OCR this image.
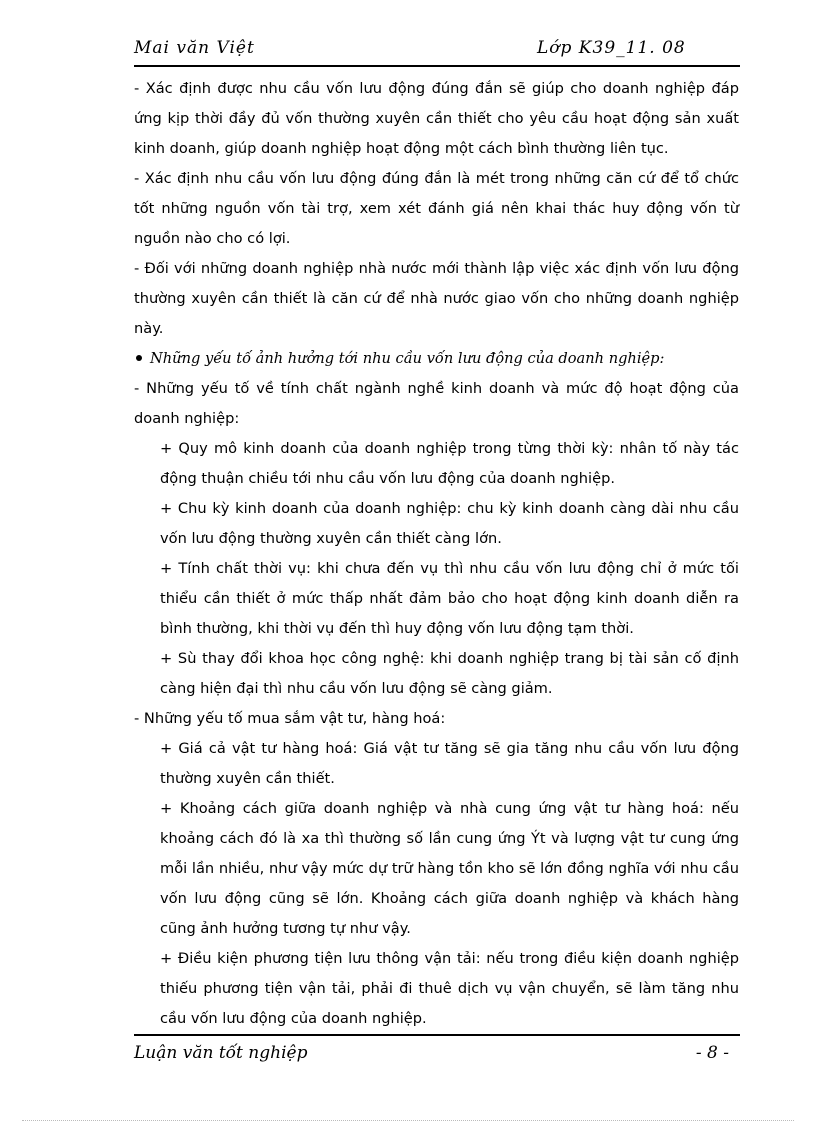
Mai văn Việt	Lớp K39_11. 08

- Xác định được nhu cầu vốn lưu động đúng đắn sẽ giúp cho doanh nghiệp đáp ứng kịp thời đầy đủ vốn thường xuyên cần thiết cho yêu cầu hoạt động sản xuất kinh doanh, giúp doanh nghiệp hoạt động một cách bình thường liên tục.

- Xác định nhu cầu vốn lưu động đúng đắn là mét trong những căn cứ để tổ chức tốt những nguồn vốn tài trợ, xem xét đánh giá nên khai thác huy động vốn từ nguồn nào cho có lợi.

- Đối với những doanh nghiệp nhà nước mới thành lập việc xác định vốn lưu động thường xuyên cần thiết là căn cứ để nhà nước giao vốn cho những doanh nghiệp này.

Những yếu tố ảnh hưởng tới nhu cầu vốn lưu động của doanh nghiệp:

- Những yếu tố về tính chất ngành nghề kinh doanh và mức độ hoạt động của doanh nghiệp:

+ Quy mô kinh doanh của doanh nghiệp trong từng thời kỳ: nhân tố này tác động thuận chiều tới nhu cầu vốn lưu động của doanh nghiệp.

+ Chu kỳ kinh doanh của doanh nghiệp: chu kỳ kinh doanh càng dài nhu cầu vốn lưu động thường xuyên cần thiết càng lớn.

+ Tính chất thời vụ: khi chưa đến vụ thì nhu cầu vốn lưu động chỉ ở mức tối thiểu cần thiết ở mức thấp nhất đảm bảo cho hoạt động kinh doanh diễn ra bình thường, khi thời vụ đến thì huy động vốn lưu động tạm thời.

+ Sù thay đổi khoa học công nghệ: khi doanh nghiệp trang bị tài sản cố định càng hiện đại thì nhu cầu vốn lưu động sẽ càng giảm.

- Những yếu tố mua sắm vật tư, hàng hoá:

+ Giá cả vật tư hàng hoá: Giá vật tư tăng sẽ gia tăng nhu cầu vốn lưu động thường xuyên cần thiết.

+ Khoảng cách giữa doanh nghiệp và nhà cung ứng vật tư hàng hoá: nếu khoảng cách đó là xa thì thường số lần cung ứng Ýt và lượng vật tư cung ứng mỗi lần nhiều, như vậy mức dự trữ hàng tồn kho sẽ lớn đồng nghĩa với nhu cầu vốn lưu động cũng sẽ lớn. Khoảng cách giữa doanh nghiệp và khách hàng cũng ảnh hưởng tương tự như vậy.

+ Điều kiện phương tiện lưu thông vận tải: nếu trong điều kiện doanh nghiệp thiếu phương tiện vận tải, phải đi thuê dịch vụ vận chuyển, sẽ làm tăng nhu cầu vốn lưu động của doanh nghiệp.

Luận văn tốt nghiệp	- 8 -
